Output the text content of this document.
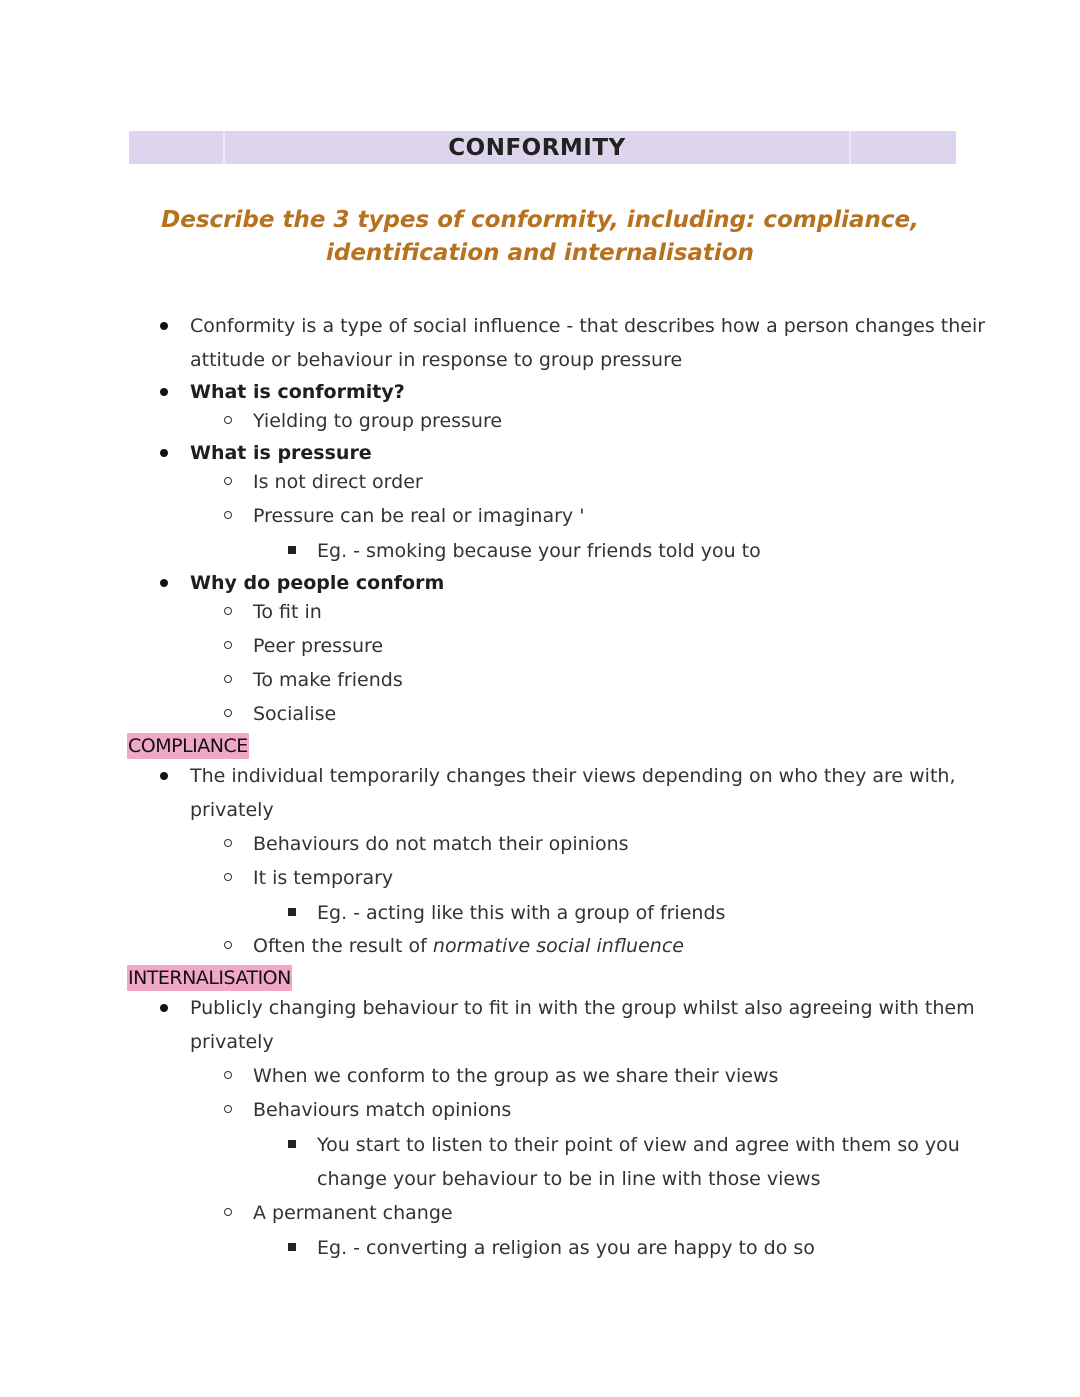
CONFORMITY
Describe the 3 types of conformity, including: compliance,
identification and internalisation
Conformity is a type of social influence - that describes how a person changes their
attitude or behaviour in response to group pressure
What is conformity?
Yielding to group pressure
What is pressure
Is not direct order
Pressure can be real or imaginary '
Eg. - smoking because your friends told you to
Why do people conform
To fit in
Peer pressure
To make friends
Socialise
COMPLIANCE
The individual temporarily changes their views depending on who they are with,
privately
Behaviours do not match their opinions
It is temporary
Eg. - acting like this with a group of friends
Often the result of normative social influence
INTERNALISATION
Publicly changing behaviour to fit in with the group whilst also agreeing with them
privately
When we conform to the group as we share their views
Behaviours match opinions
You start to listen to their point of view and agree with them so you
change your behaviour to be in line with those views
A permanent change
Eg. - converting a religion as you are happy to do so
